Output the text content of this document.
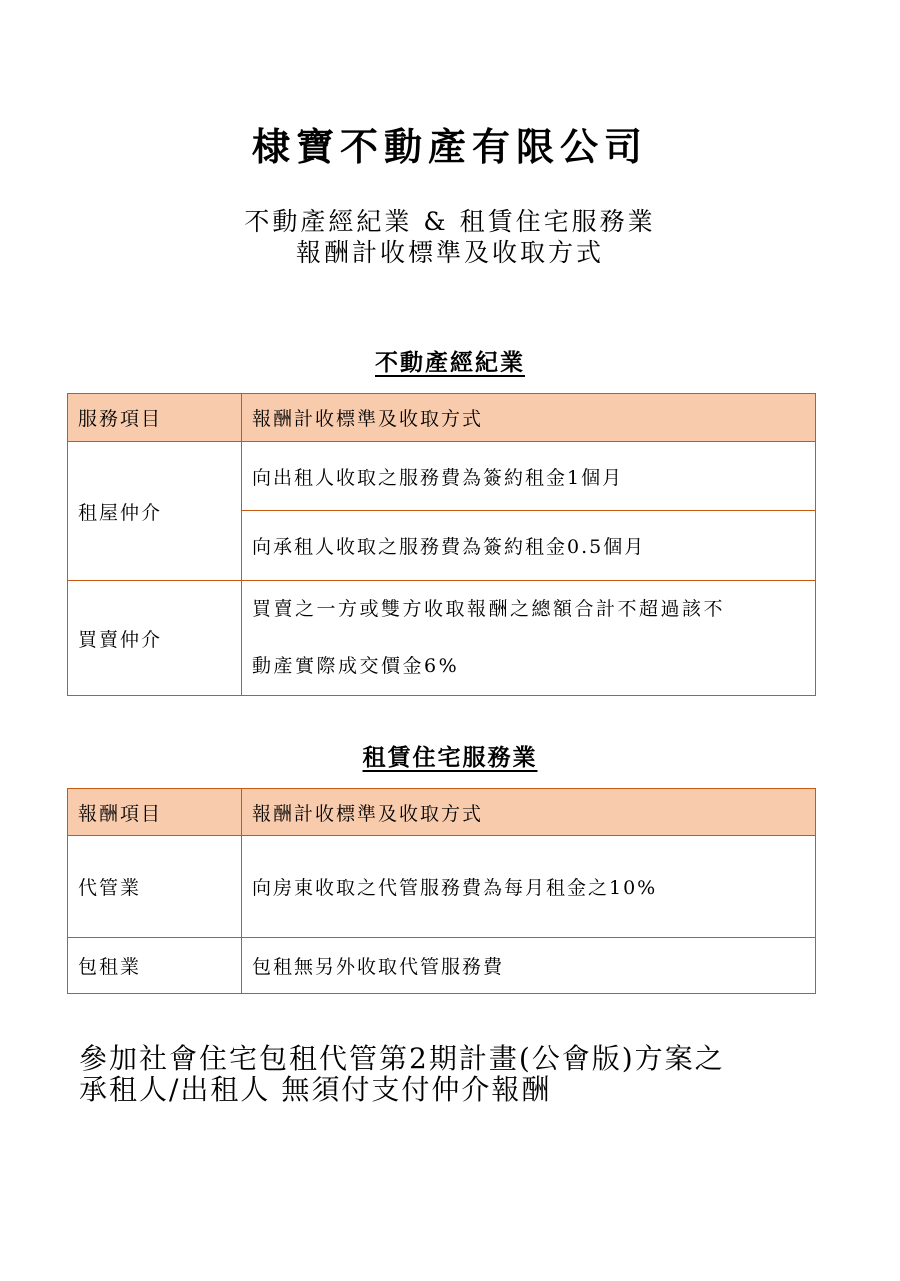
棣寶不動產有限公司
不動產經紀業 & 租賃住宅服務業
報酬計收標準及收取方式
不動產經紀業
服務項目	報酬計收標準及收取方式
租屋仲介	向出租人收取之服務費為簽約租金1個月
	向承租人收取之服務費為簽約租金0.5個月
買賣仲介	買賣之一方或雙方收取報酬之總額合計不超過該不
動產實際成交價金6%
租賃住宅服務業
報酬項目	報酬計收標準及收取方式
代管業	向房東收取之代管服務費為每月租金之10%
包租業	包租無另外收取代管服務費
參加社會住宅包租代管第2期計畫(公會版)方案之
承租人/出租人 無須付支付仲介報酬
